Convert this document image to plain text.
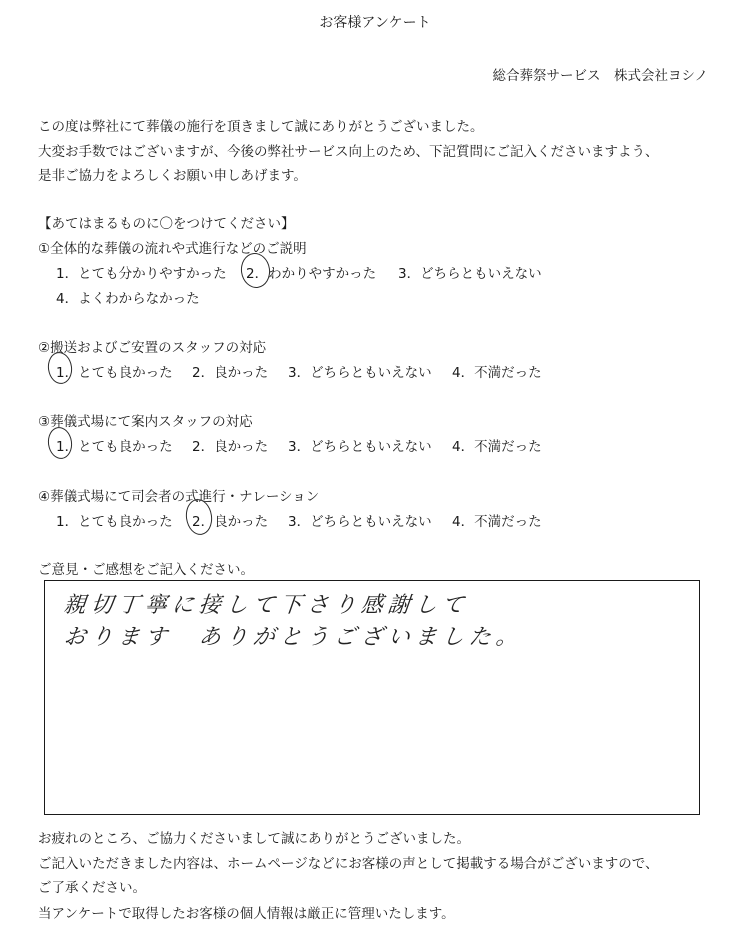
お客様アンケート
総合葬祭サービス　株式会社ヨシノ
この度は弊社にて葬儀の施行を頂きまして誠にありがとうございました。
大変お手数ではございますが、今後の弊社サービス向上のため、下記質問にご記入くださいますよう、
是非ご協力をよろしくお願い申しあげます。
【あてはまるものに〇をつけてください】
①全体的な葬儀の流れや式進行などのご説明
1．とても分かりやすかった 2．わかりやすかった 3．どちらともいえない
4．よくわからなかった
②搬送およびご安置のスタッフの対応
1．とても良かった 2．良かった 3．どちらともいえない 4．不満だった
③葬儀式場にて案内スタッフの対応
1．とても良かった 2．良かった 3．どちらともいえない 4．不満だった
④葬儀式場にて司会者の式進行・ナレーション
1．とても良かった 2．良かった 3．どちらともいえない 4．不満だった
ご意見・ご感想をご記入ください。
親切丁寧に接して下さり感謝して
おります　ありがとうございました。
お疲れのところ、ご協力くださいまして誠にありがとうございました。
ご記入いただきました内容は、ホームページなどにお客様の声として掲載する場合がございますので、
ご了承ください。
当アンケートで取得したお客様の個人情報は厳正に管理いたします。
